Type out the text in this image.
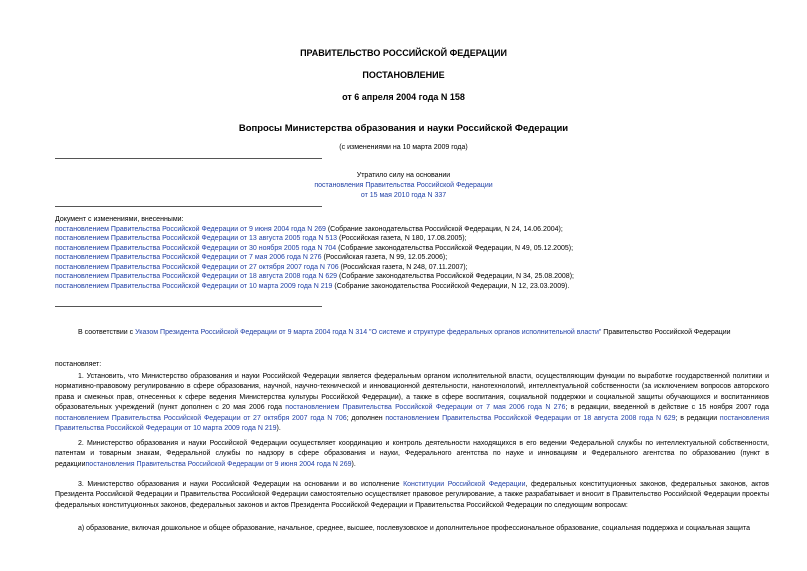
ПРАВИТЕЛЬСТВО РОССИЙСКОЙ ФЕДЕРАЦИИ
ПОСТАНОВЛЕНИЕ
от 6 апреля 2004 года N 158
Вопросы Министерства образования и науки Российской Федерации
(с изменениями на 10 марта 2009 года)
Утратило силу на основании
постановления Правительства Российской Федерации
от 15 мая 2010 года N 337
Документ с изменениями, внесенными:
постановлением Правительства Российской Федерации от 9 июня 2004 года N 269 (Собрание законодательства Российской Федерации, N 24, 14.06.2004);
постановлением Правительства Российской Федерации от 13 августа 2005 года N 513 (Российская газета, N 180, 17.08.2005);
постановлением Правительства Российской Федерации от 30 ноября 2005 года N 704 (Собрание законодательства Российской Федерации, N 49, 05.12.2005);
постановлением Правительства Российской Федерации от 7 мая 2006 года N 276 (Российская газета, N 99, 12.05.2006);
постановлением Правительства Российской Федерации от 27 октября 2007 года N 706 (Российская газета, N 248, 07.11.2007);
постановлением Правительства Российской Федерации от 18 августа 2008 года N 629 (Собрание законодательства Российской Федерации, N 34, 25.08.2008);
постановлением Правительства Российской Федерации от 10 марта 2009 года N 219 (Собрание законодательства Российской Федерации, N 12, 23.03.2009).

В соответствии с Указом Президента Российской Федерации от 9 марта 2004 года N 314 "О системе и структуре федеральных органов исполнительной власти" Правительство Российской Федерации

постановляет:

1. Установить, что Министерство образования и науки Российской Федерации является федеральным органом исполнительной власти, осуществляющим функции по выработке государственной политики и нормативно-правовому регулированию в сфере образования, научной, научно-технической и инновационной деятельности, нанотехнологий, интеллектуальной собственности (за исключением вопросов авторского права и смежных прав, отнесенных к сфере ведения Министерства культуры Российской Федерации), а также в сфере воспитания, социальной поддержки и социальной защиты обучающихся и воспитанников образовательных учреждений (пункт дополнен с 20 мая 2006 года постановлением Правительства Российской Федерации от 7 мая 2006 года N 276; в редакции, введенной в действие с 15 ноября 2007 года постановлением Правительства Российской Федерации от 27 октября 2007 года N 706; дополнен постановлением Правительства Российской Федерации от 18 августа 2008 года N 629; в редакции постановления Правительства Российской Федерации от 10 марта 2009 года N 219).

2. Министерство образования и науки Российской Федерации осуществляет координацию и контроль деятельности находящихся в его ведении Федеральной службы по интеллектуальной собственности, патентам и товарным знакам, Федеральной службы по надзору в сфере образования и науки, Федерального агентства по науке и инновациям и Федерального агентства по образованию (пункт в редакциипостановления Правительства Российской Федерации от 9 июня 2004 года N 269).

3. Министерство образования и науки Российской Федерации на основании и во исполнение Конституции Российской Федерации, федеральных конституционных законов, федеральных законов, актов Президента Российской Федерации и Правительства Российской Федерации самостоятельно осуществляет правовое регулирование, а также разрабатывает и вносит в Правительство Российской Федерации проекты федеральных конституционных законов, федеральных законов и актов Президента Российской Федерации и Правительства Российской Федерации по следующим вопросам:

а) образование, включая дошкольное и общее образование, начальное, среднее, высшее, послевузовское и дополнительное профессиональное образование, социальная поддержка и социальная защита
